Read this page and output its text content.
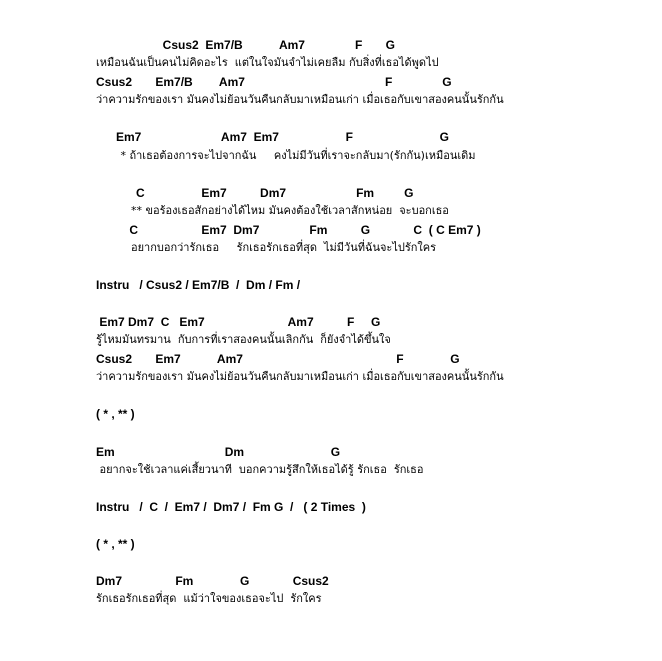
Csus2  Em7/B           Am7               F       G
เหมือนฉันเป็นคนไม่คิดอะไร  แต่ในใจมันจำไม่เคยลืม กับสิ่งที่เธอได้พูดไป
Csus2       Em7/B        Am7                                          F               G
ว่าความรักของเรา มันคงไม่ย้อนวันคืนกลับมาเหมือนเก่า เมื่อเธอกับเขาสองคนนั้นรักกัน
Em7                        Am7  Em7                    F                          G
* ถ้าเธอต้องการจะไปจากฉัน     คงไม่มีวันที่เราจะกลับมา(รักกัน)เหมือนเดิม
C                 Em7          Dm7                     Fm         G
** ขอร้องเธอสักอย่างได้ไหม มันคงต้องใช้เวลาสักหน่อย  จะบอกเธอ
C                   Em7  Dm7               Fm          G             C  ( C Em7 )
อยากบอกว่ารักเธอ     รักเธอรักเธอที่สุด  ไม่มีวันที่ฉันจะไปรักใคร
Instru   / Csus2 / Em7/B  /  Dm / Fm /
Em7 Dm7  C   Em7                         Am7          F     G
รู้ไหมมันทรมาน  กับการที่เราสองคนนั้นเลิกกัน  ก็ยังจำได้ขึ้นใจ
Csus2       Em7           Am7                                              F              G
ว่าความรักของเรา มันคงไม่ย้อนวันคืนกลับมาเหมือนเก่า เมื่อเธอกับเขาสองคนนั้นรักกัน
( * , ** )
Em                                 Dm                          G
อยากจะใช้เวลาแค่เสี้ยวนาที  บอกความรู้สึกให้เธอได้รู้ รักเธอ  รักเธอ
Instru   /  C  /  Em7 /  Dm7 /  Fm G  /   ( 2 Times  )
( * , ** )
Dm7                Fm              G             Csus2
รักเธอรักเธอที่สุด  แม้ว่าใจของเธอจะไป  รักใคร
